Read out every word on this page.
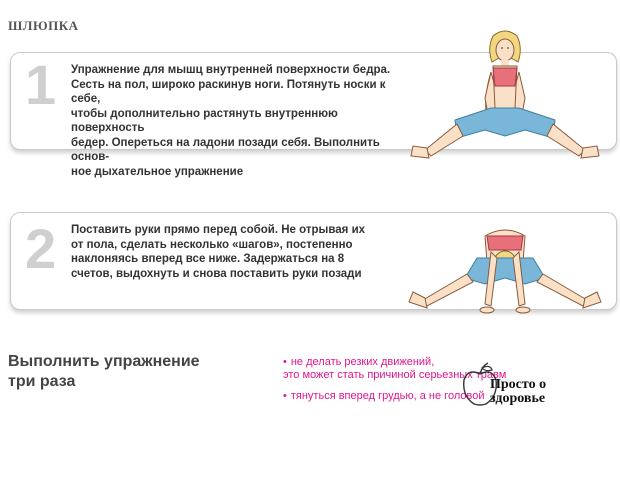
ШЛЮПКА
1 Упражнение для мышц внутренней поверхности бедра.
Сесть на пол, широко раскинув ноги. Потянуть носки к себе,
чтобы дополнительно растянуть внутреннюю поверхность
бедер. Опереться на ладони позади себя. Выполнить основ-
ное дыхательное упражнение
2 Поставить руки прямо перед собой. Не отрывая их
от пола, сделать несколько «шагов», постепенно
наклоняясь вперед все ниже. Задержаться на 8
счетов, выдохнуть и снова поставить руки позади
Выполнить упражнение
три раза
• не делать резких движений,
это может стать причиной серьезных травм
• тянуться вперед грудью, а не головой
Просто о
здоровье
